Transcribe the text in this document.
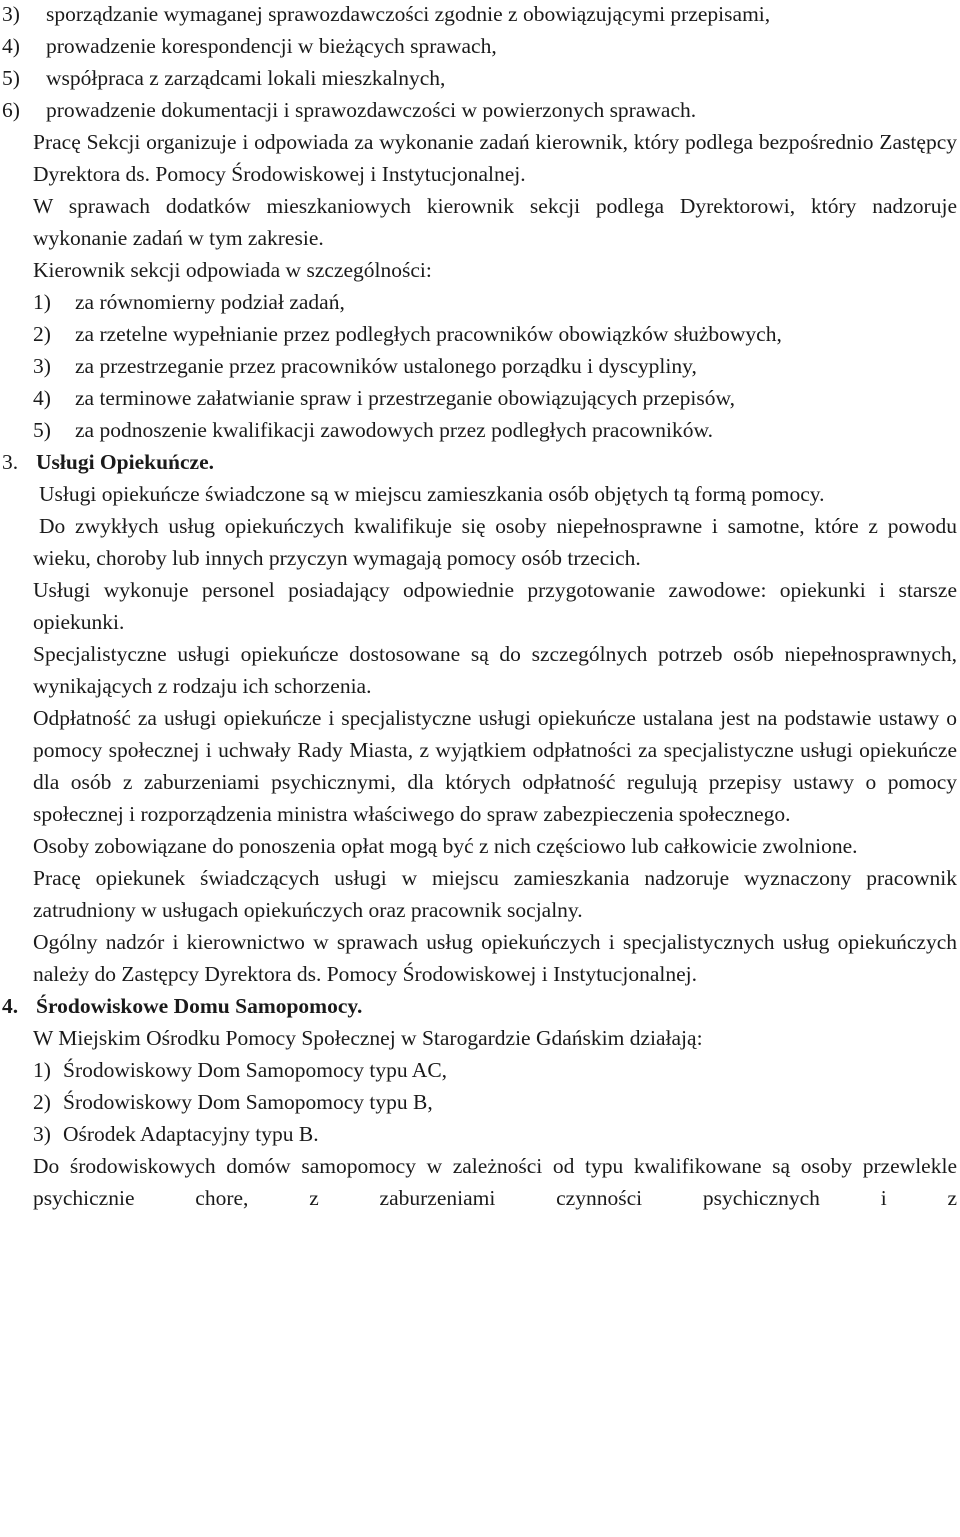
3)	sporządzanie wymaganej sprawozdawczości zgodnie z obowiązującymi przepisami,
4)	prowadzenie korespondencji w bieżących sprawach,
5)	współpraca z zarządcami lokali mieszkalnych,
6)	prowadzenie dokumentacji i sprawozdawczości w powierzonych sprawach.

Pracę Sekcji organizuje i odpowiada za wykonanie zadań kierownik, który podlega bezpośrednio Zastępcy Dyrektora ds. Pomocy Środowiskowej i Instytucjonalnej.

W sprawach dodatków mieszkaniowych kierownik sekcji podlega Dyrektorowi, który nadzoruje wykonanie zadań w tym zakresie.

Kierownik sekcji odpowiada w szczególności:

1)	za równomierny podział zadań,
2)	za rzetelne wypełnianie przez podległych pracowników obowiązków służbowych,
3)	za przestrzeganie przez pracowników ustalonego porządku i dyscypliny,
4)	za terminowe załatwianie spraw i przestrzeganie obowiązujących przepisów,
5)	za podnoszenie kwalifikacji zawodowych przez podległych pracowników.
3. Usługi Opiekuńcze.

Usługi opiekuńcze świadczone są w miejscu zamieszkania osób objętych tą formą pomocy.

Do zwykłych usług opiekuńczych kwalifikuje się osoby niepełnosprawne i samotne, które z powodu wieku, choroby lub innych przyczyn wymagają pomocy osób trzecich.

Usługi wykonuje personel posiadający odpowiednie przygotowanie zawodowe: opiekunki i starsze opiekunki.

Specjalistyczne usługi opiekuńcze dostosowane są do szczególnych potrzeb osób niepełnosprawnych, wynikających z rodzaju ich schorzenia.

Odpłatność za usługi opiekuńcze i specjalistyczne usługi opiekuńcze ustalana jest na podstawie ustawy o pomocy społecznej i uchwały Rady Miasta, z wyjątkiem odpłatności za specjalistyczne usługi opiekuńcze dla osób z zaburzeniami psychicznymi, dla których odpłatność regulują przepisy ustawy o pomocy społecznej i rozporządzenia ministra właściwego do spraw zabezpieczenia społecznego.

Osoby zobowiązane do ponoszenia opłat mogą być z nich częściowo lub całkowicie zwolnione.

Pracę opiekunek świadczących usługi w miejscu zamieszkania nadzoruje wyznaczony pracownik zatrudniony w usługach opiekuńczych oraz pracownik socjalny.

Ogólny nadzór i kierownictwo w sprawach usług opiekuńczych i specjalistycznych usług opiekuńczych należy do Zastępcy Dyrektora ds. Pomocy Środowiskowej i Instytucjonalnej.

4. Środowiskowe Domu Samopomocy.

W Miejskim Ośrodku Pomocy Społecznej w Starogardzie Gdańskim działają:

1) Środowiskowy Dom Samopomocy typu AC,
2) Środowiskowy Dom Samopomocy typu B,
3) Ośrodek Adaptacyjny typu B.

Do środowiskowych domów samopomocy w zależności od typu kwalifikowane są osoby przewlekle psychicznie chore, z zaburzeniami czynności psychicznych i z
